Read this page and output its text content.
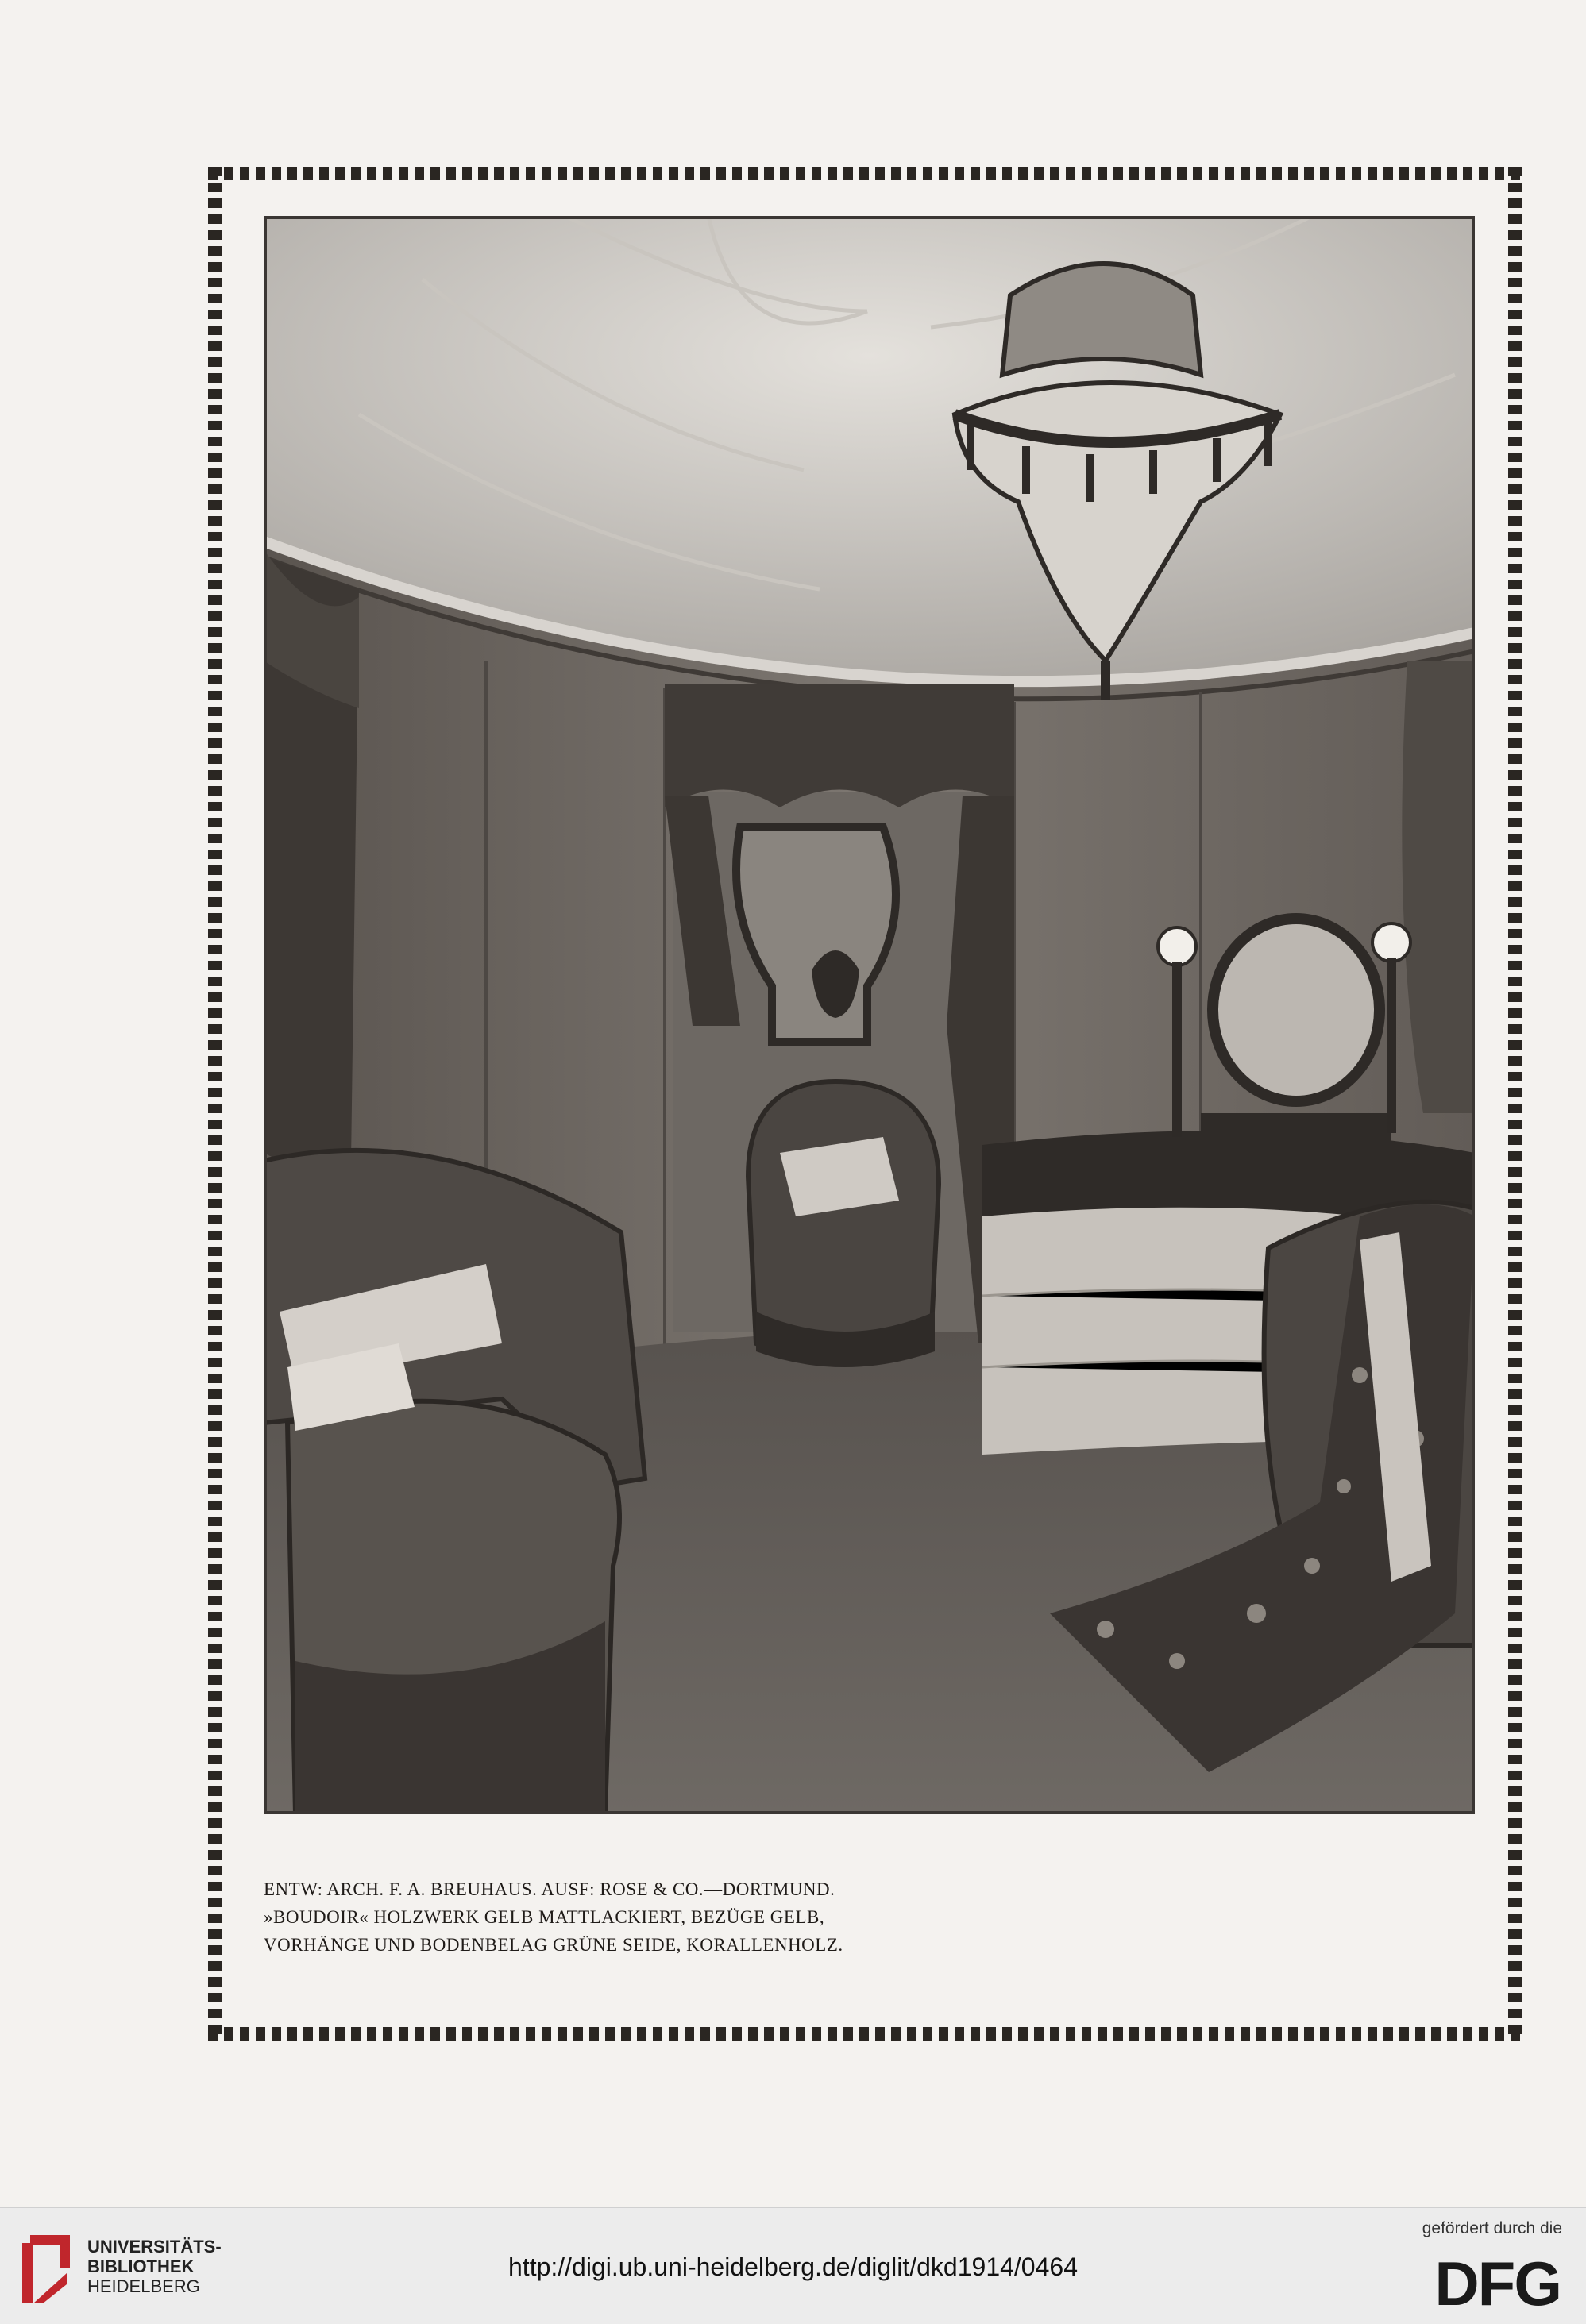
ENTW: ARCH. F. A. BREUHAUS. AUSF: ROSE & CO.—DORTMUND.
»BOUDOIR« HOLZWERK GELB MATTLACKIERT, BEZÜGE GELB,
VORHÄNGE UND BODENBELAG GRÜNE SEIDE, KORALLENHOLZ.
UNIVERSITÄTS-
BIBLIOTHEK
HEIDELBERG
http://digi.ub.uni-heidelberg.de/diglit/dkd1914/0464
gefördert durch die
DFG
